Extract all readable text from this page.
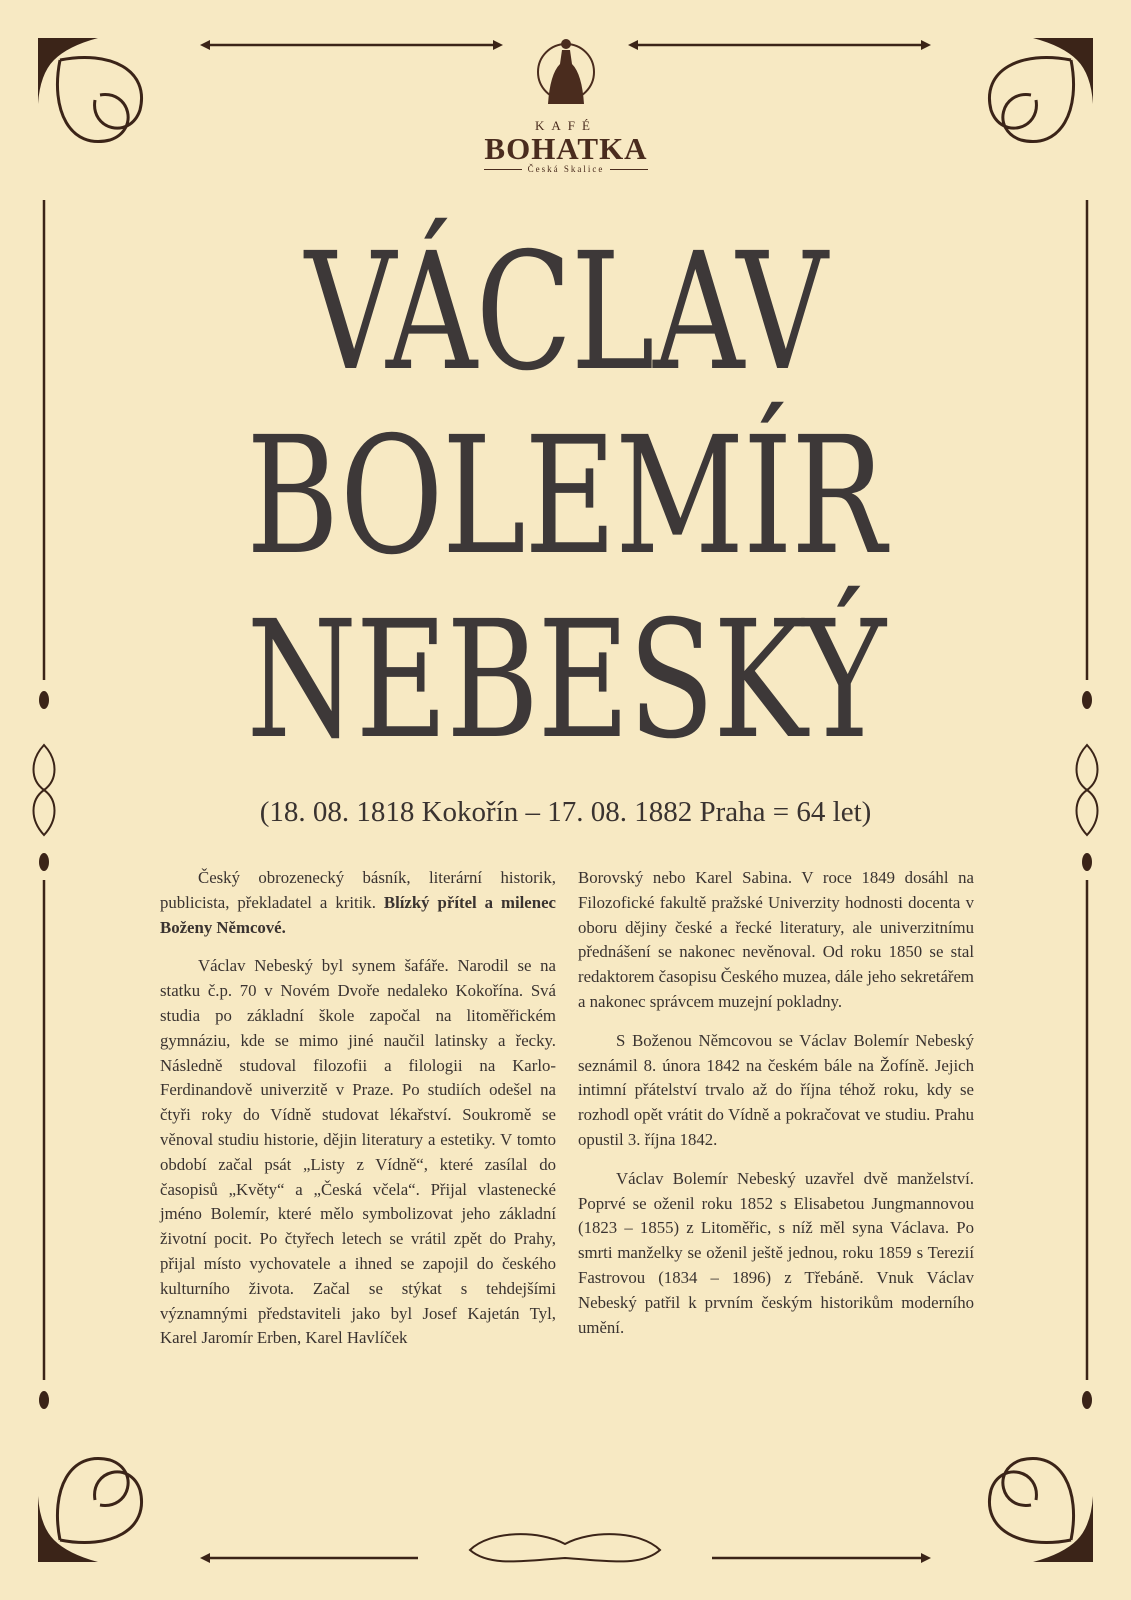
KAFÉ
BOHATKA
Česká Skalice
VÁCLAV
BOLEMÍR
NEBESKÝ
(18. 08. 1818 Kokořín – 17. 08. 1882 Praha = 64 let)

Český obrozenecký básník, literární historik, publicista, překladatel a kritik. Blízký přítel a milenec Boženy Němcové.

Václav Nebeský byl synem šafáře. Narodil se na statku č.p. 70 v Novém Dvoře nedaleko Kokořína. Svá studia po základní škole započal na litoměřickém gymnáziu, kde se mimo jiné naučil latinsky a řecky. Následně studoval filozofii a filologii na Karlo-Ferdinandově univerzitě v Praze. Po studiích odešel na čtyři roky do Vídně studovat lékařství. Soukromě se věnoval studiu historie, dějin literatury a estetiky. V tomto období začal psát „Listy z Vídně“, které zasílal do časopisů „Květy“ a „Česká včela“. Přijal vlastenecké jméno Bolemír, které mělo symbolizovat jeho základní životní pocit. Po čtyřech letech se vrátil zpět do Prahy, přijal místo vychovatele a ihned se zapojil do českého kulturního života. Začal se stýkat s tehdejšími významnými představiteli jako byl Josef Kajetán Tyl, Karel Jaromír Erben, Karel Havlíček

Borovský nebo Karel Sabina. V roce 1849 dosáhl na Filozofické fakultě pražské Univerzity hodnosti docenta v oboru dějiny české a řecké literatury, ale univerzitnímu přednášení se nakonec nevěnoval. Od roku 1850 se stal redaktorem časopisu Českého muzea, dále jeho sekretářem a nakonec správcem muzejní pokladny.

S Boženou Němcovou se Václav Bolemír Nebeský seznámil 8. února 1842 na českém bále na Žofíně. Jejich intimní přátelství trvalo až do října téhož roku, kdy se rozhodl opět vrátit do Vídně a pokračovat ve studiu. Prahu opustil 3. října 1842.

Václav Bolemír Nebeský uzavřel dvě manželství. Poprvé se oženil roku 1852 s Elisabetou Jungmannovou (1823 – 1855) z Litoměřic, s níž měl syna Václava. Po smrti manželky se oženil ještě jednou, roku 1859 s Terezií Fastrovou (1834 – 1896) z Třebáně. Vnuk Václav Nebeský patřil k prvním českým historikům moderního umění.
